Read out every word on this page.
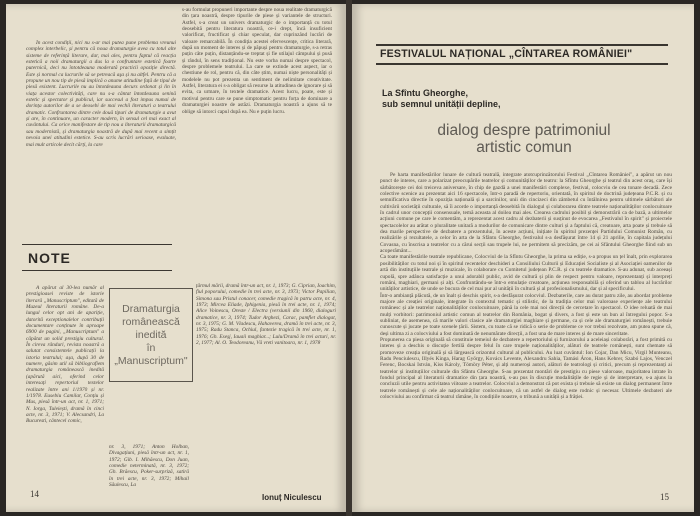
În acest condiții, nici nu s-ar mai putea pune problema vreunui complex interbelic, și pentru că noua dramaturgie avea cu totul alte sisteme de referință literare, dar, mai ales, pentru faptul că reacția estetică a noii dramaturgii a dus la o confruntare estetică foarte puternică, deci nu întotdeauna moderată practicii opoziție directă. Este și normal ca lucrurile să se petreacă aşa și nu altfel. Pentru că a propune un nou tip de piesă implică o anume atitudine față de tipul de piesă existent. Lucrurile nu au întotdeauna decurs ordonat și lin în viața acestor colectivități, care nu s-a cântat întotdeauna senină estetic și spectator și publicul, iar succesul a fost impus numai de dorința autorilor de a se deosebi de mai vechii literaturi a teatrului dramatic. Confruntarea dintre cele două tipuri de dramaturgie a avut și are, în continuare, un caracter modern, în sensul cel mai exact al cuvântului. Ca orice manifestare de tip nou a literaturii dramaturgică sau modernistă, și dramaturgia noastră de după mai recent a simțit nevoia unei atitudini estetice. S-au scris lucrări serioase, evaluate, mai mult articole decit cărți, la care

s-au formulat propuneri importante despre noua realitate dramaturgică din țara noastră, despre tipurile de piese și variantele de structuri. Astfel, s-a creat un univers dramaturgic de o importanță cu totul deosebită pentru literatura noastră, ce-i drept, încă insuficient valorificat, fructificat și chiar speculat, dar cuprinzând lucrări de valoare remarcabilă. În condiția acestei efervescențe, critica literară, după un moment de interes și de păpuși pentru dramaturgie, s-a retras puțin câte puțin, distanțându-se treptat și fie utilajul câmpului și pusă și rândul, în sens tradițional. Nu este vorba numai despre spectacol, despre problemele teatrului. La care se extinde acest aspect, iar o chestiune de rol, pentru că, din câte știm, numai niște personalități și modelele nu pot prezenta un sentiment de nelimitate creativitate. Astfel, literatura ei s-a obligat să resurse la atitudinea de ignorare și să evita, ca urmare, în textele dramatice. Acest lucru, poate, este și motivul pentru care se pune simptomatic pentru forța de dominare a dramaturgiei noastre de astăzi. Dramaturgia noastră a ajuns să te oblige să intorci capul după ea. Nu e puțin lucru.

NOTE

A apărut al 30-lea număr al prestigioasei reviste de istorie literară „Manuscriptum", editată de Muzeul literaturii române. De-a lungul celor opt ani de apariție, datorită exceptionalelor contribuții documentare conținute în aproape 6900 de pagini, „Manuscriptum" a căpătat un solid prestigiu cultural. În cireva rânduri, revista noastră a salutat consistentele publicații la istoria teatrului; așa, după 30 de numere, găsim util să bibliografiem dramaturgia românească inedită (apărută aici, oferind celor interesați repertoriul textelor realizate între ani 1/1970 și nr. 1/1978. Eusebiu Camilar, Conțiu și Mus, piesă într-un act, nr. 1, 1971; N. Iorga, Tuleiești, dramă în cinci acte, nr. 3, 1971; V. Alecsandri, La Bucuresti, cântecel comic,

Dramaturgia
românească
inedită
în
„Manuscriptum"

nr. 3, 1971; Anton Holban, Divagațiuni, piesă într-un act, nr. 1, 1972; Gib. I. Mihăescu, Don Juan, comedie neterminată, nr. 3, 1972; Gh. Brăescu, Poker-surpriză, satiră în trei acte, nr. 3, 1972; Mihail Săulescu, La

țărmul mării, dramă într-un act, nr. 1, 1973; G. Ciprian, Ioachim, fiul poporului, comedie în trei acte, nr. 3, 1973; Victor Papilian, Simona sau Pristul conacer, comedie tragică în patru acte, nr. 4, 1973; Mircea Eliade, Iphigenia, piesă în trei acte, nr. 1, 1974; Alice Voinescu, Oreste / Electra (versiunii din 1960, dialoguri dramatice, nr. 3, 1974; Tudor Arghezi, Carac, pamflet dialogat, nr. 3, 1975; G. M. Vladescu, Hahaverea, dramă în trei acte, nr. 3, 1975; Radu Stanca, Ochiul, fantezie tragică în trei acte, nr. 1, 1976; Gh. Eseșj, Iauaii maghiar...; Lulu/Dramă în trei acturi, nr. 2, 1977; Al. O. Teodoreanu, Vă vreti vanitoara, nr. 1, 1978

Ionuț Niculescu
14
FESTIVALUL NAȚIONAL „CÎNTAREA ROMÂNIEI"
La Sfîntu Gheorghe,
sub semnul unității depline,
dialog despre patrimoniul
artistic comun

Pe harta manifestărilor lunare de cultură teatrală, integrate atotcuprinzătorului Festival „Cîntarea României", a apărut un nou punct de interes, care a polarizat preocupările teatrelor și comunităților de teatru: la Sfîntu Gheorghe și teatrul din acest oraș, care își sărbătorește cei doi treiceva aniversare, în chip de gazdă a unei manifestări complexe, festival, colocviu de cea tonare decadă. Zece colective scenice au prezentat aici 16 spectacole, într-o paradă de repertoriu, orientată, în spiritul de doctrină județeana P.C.R. și cu semnificativa directie în opoziția națională și a sarcinilor, unii din cincizeci din zâmbetul cu întâlnirea pentru ultimele sărbători ale cultivării societății culturale, să îi acorde o importanță deosebită în dialogul și colaborarea dintre teatrele naționalităților conlocuitoare în cadrul unor concepții consensuale, temă aceasta al doilea mai ales. Crearea cadrului posibil și demonstrării ca de bază, a ultimelor acțiuni comune pe care le comentăm, a reprezentat acest cadru al dezbaterii și susținut de evocarea „Festivalul în spirit" și proiectele spectacolelor au arătat o pluralitate unitară a modurilor de comunicare dintre culturi și a faptului că, creatoare, arta poate și trebuie să dea marile perspective de dezbatere a prezentului, în aceste acțiuni, inițiate în spiritul prezenței Partidului Comunist Român, cu realizările și rezultatele, a celor în arta de la Sfântu Gheorghe, festivalul s-a desfășurat între 14 și 21 aprilie, în capitala județului Covasna, cu înscrisa a teatrelor cu a cărui secții sau trupele lui, ne permitem să precizăm, pe cei ai Sfântului Gheorghe fiind sub un acoperământ...
Ca toate manifestările teatrale republicane, Colocviul de la Sfîntu Gheorghe, la prima sa ediție, s-a propus un țel înalt, prin explorarea posibilităților cu totul noi și în spiritul recentelor deschideri a Consiliului Culturii și Educației Socialiste și al Asociației oamenilor de artă din instituțiile teatrale și muzicale, în colaborare cu Comitetul județean P.C.R. și cu teatrele dramatice. S-au adunat, sub aceeași cupolă, spre adânca satisfacție a unui adorabil public, avid de cultură și plin de respect pentru valoare, reprezentanți și interpreți români, maghiari, germani și alți. Confruntându-se într-o emulație creatoare, acțiunea responsabilă și oferind un tablou al lucrărilor unităților artistice, de unde se bucura de cel mai pur al unității în cultură și al profesionalismului, dar și al specificului.
Într-o ambianță plăcută, de un înalt și deschis spirit, s-a desfășurat colocviul. Dezbaterile, care au durat patru zile, au abordat probleme majore ale creației originale, integrate în contextul tematic și stilistic, de la tradiția celor mai valoroase experiențe ale teatrului românesc și ale teatrelor naționalităților conlocuitoare, până la cele mai noi direcții de cercetare în spectacol. O idee reluată de mai mulți vorbitori: patrimoniul artistic comun al teatrelor din România, bogat și divers, a fost și este un bun al întregului popor. S-a subliniat, de asemenea, că marile valori clasice ale dramaturgiei maghiare și germane, ca și cele ale dramaturgiei românești, trebuie cunoscute și jucate pe toate scenele țării. Sistem, cu toate că se ridică o serie de probleme ce vor trebui rezolvate, am putea spune că, deși ultima zi a colocviului a fost dominată de nenumărate direcții, a fost una de mare interes și de mare sinceritate.
Propunerea ca piesa originală să constituie temeiul de dezbatere a repertoriului și furnizorului a aceleiași colaborări, a fost primită cu interes și a deschis o discuție fertilă despre felul în care trupele naționalităților, alături de teatrele românești, sunt chemate să promoveze creația originală și să lărgească orizontul cultural al publicului. Au luat cuvântul: Ion Cojar, Dan Micu, Virgil Munteanu, Radu Penciulescu, Illyés Kinga, Harag György, Kovács Levente, Alexandru Sahia, Tamási Áron, Hans Kehrer, Szabó Lajos, Venczel Ferenc, Bocskai István, Kiss Károly, Tömöry Péter, și alți numeroși autori, alături de teatrologi și critici, precum și reprezentanți ai teatrelor și instituțiilor culturale din Sfântu Gheorghe. S-au prezentat montări de prestigiu cu piese valoroase, majoritatea intrate în fondul principal al literaturii dramatice din țara noastră, s-au pus în discuție modalitățile de regie și de interpretare, s-a ajuns la concluzii utile pentru activitatea viitoare a teatrelor. Colocviul a demonstrat că pot exista și trebuie să existe un dialog permanent între teatrele românești și cele ale naționalităților conlocuitoare, că un astfel de dialog este rodnic și necesar. Ultimele dezbateri ale colocviului au confirmat că teatrul rămâne, în condițiile noastre, o tribună a unității și a frăției.

15
